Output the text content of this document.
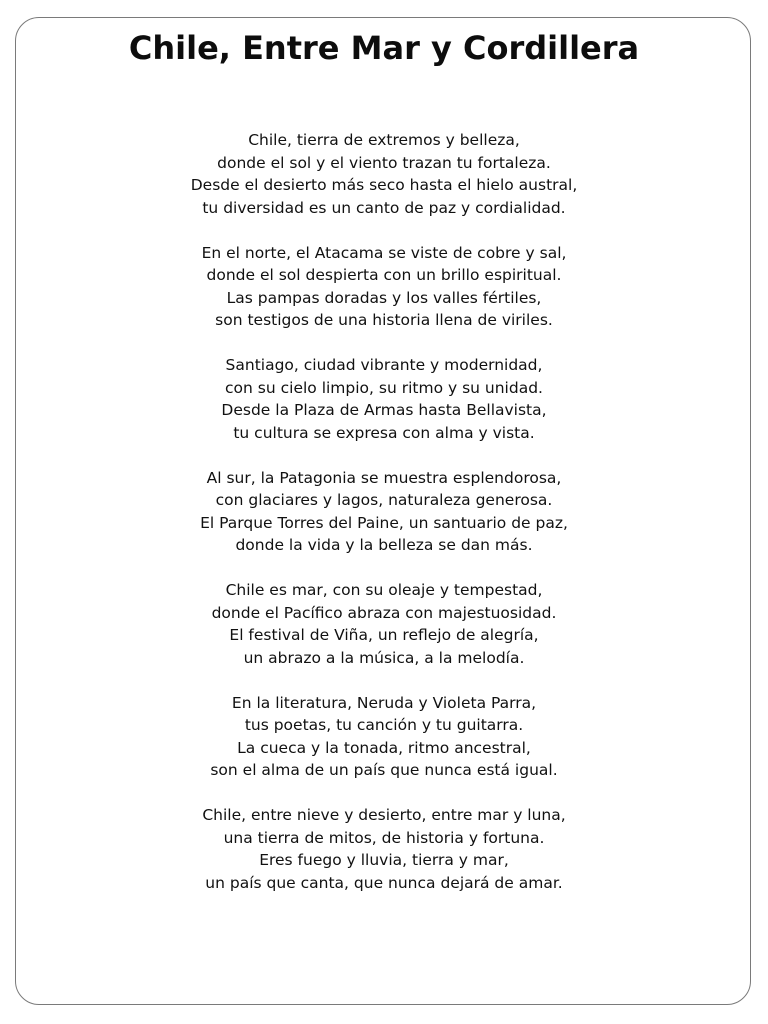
Chile, Entre Mar y Cordillera
Chile, tierra de extremos y belleza,
donde el sol y el viento trazan tu fortaleza.
Desde el desierto más seco hasta el hielo austral,
tu diversidad es un canto de paz y cordialidad.
En el norte, el Atacama se viste de cobre y sal,
donde el sol despierta con un brillo espiritual.
Las pampas doradas y los valles fértiles,
son testigos de una historia llena de viriles.
Santiago, ciudad vibrante y modernidad,
con su cielo limpio, su ritmo y su unidad.
Desde la Plaza de Armas hasta Bellavista,
tu cultura se expresa con alma y vista.
Al sur, la Patagonia se muestra esplendorosa,
con glaciares y lagos, naturaleza generosa.
El Parque Torres del Paine, un santuario de paz,
donde la vida y la belleza se dan más.
Chile es mar, con su oleaje y tempestad,
donde el Pacífico abraza con majestuosidad.
El festival de Viña, un reflejo de alegría,
un abrazo a la música, a la melodía.
En la literatura, Neruda y Violeta Parra,
tus poetas, tu canción y tu guitarra.
La cueca y la tonada, ritmo ancestral,
son el alma de un país que nunca está igual.
Chile, entre nieve y desierto, entre mar y luna,
una tierra de mitos, de historia y fortuna.
Eres fuego y lluvia, tierra y mar,
un país que canta, que nunca dejará de amar.
